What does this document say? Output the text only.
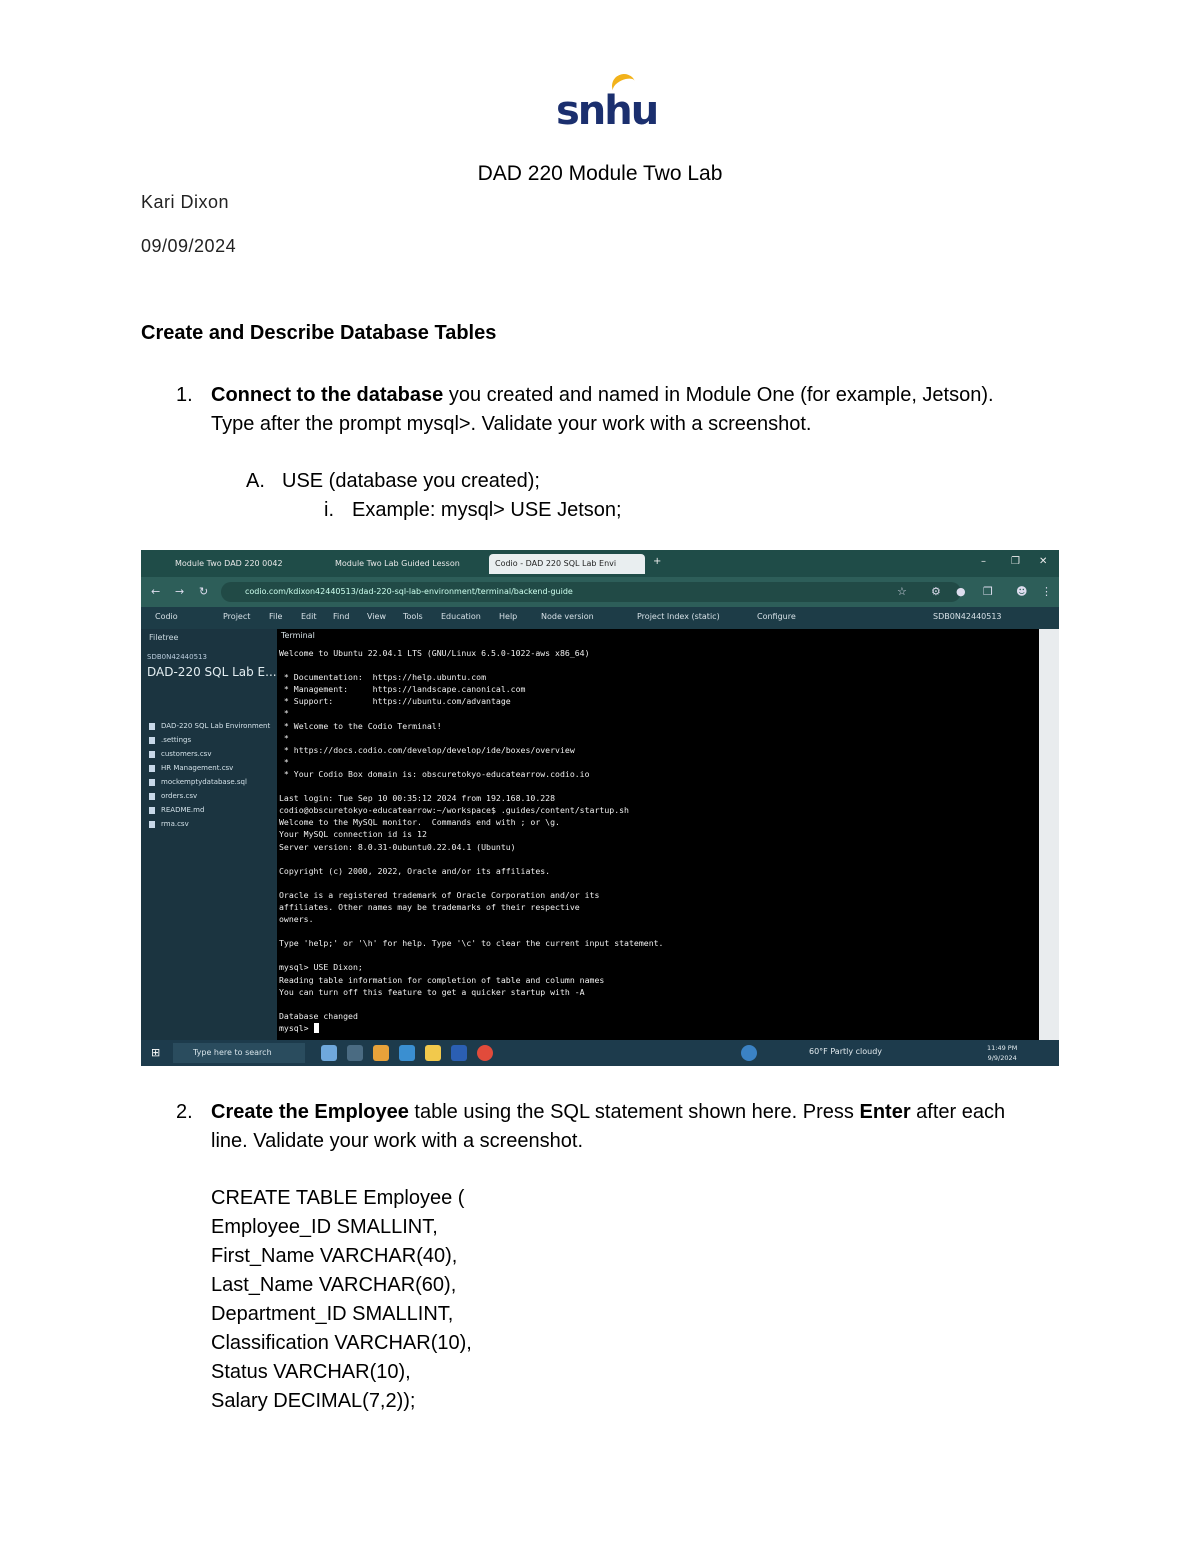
snhu
DAD 220 Module Two Lab
Kari Dixon
09/09/2024
Create and Describe Database Tables
1. Connect to the database you created and named in Module One (for example, Jetson).
Type after the prompt mysql>. Validate your work with a screenshot.
A. USE (database you created);
i. Example: mysql> USE Jetson;
Module Two DAD 220 0042	Module Two Lab Guided Lesson	Codio - DAD 220 SQL Lab Envi	+	–	❐ ✕
← → ↻	codio.com/kdixon42440513/dad-220-sql-lab-environment/terminal/backend-guide	☆ ⚙ ● ❒ ☻ ⋮
Codio	Project File Edit Find View Tools Education Help	Node version	Project Index (static)	Configure	SDB0N42440513
Filetree
SDB0N42440513
DAD-220 SQL Lab E...
DAD-220 SQL Lab Environment
.settings
customers.csv
HR Management.csv
mockemptydatabase.sql
orders.csv
README.md
rma.csv
Terminal
Welcome to Ubuntu 22.04.1 LTS (GNU/Linux 6.5.0-1022-aws x86_64)

* Documentation:  https://help.ubuntu.com
* Management:     https://landscape.canonical.com
* Support:        https://ubuntu.com/advantage
*
* Welcome to the Codio Terminal!
*
* https://docs.codio.com/develop/develop/ide/boxes/overview
*
* Your Codio Box domain is: obscuretokyo-educatearrow.codio.io

Last login: Tue Sep 10 00:35:12 2024 from 192.168.10.228
codio@obscuretokyo-educatearrow:~/workspace$ .guides/content/startup.sh
Welcome to the MySQL monitor.  Commands end with ; or \g.
Your MySQL connection id is 12
Server version: 8.0.31-0ubuntu0.22.04.1 (Ubuntu)

Copyright (c) 2000, 2022, Oracle and/or its affiliates.

Oracle is a registered trademark of Oracle Corporation and/or its
affiliates. Other names may be trademarks of their respective
owners.

Type 'help;' or '\h' for help. Type '\c' to clear the current input statement.

mysql> USE Dixon;
Reading table information for completion of table and column names
You can turn off this feature to get a quicker startup with -A

Database changed
mysql>
⊞	Type here to search	60°F Partly cloudy	11:49 PM
9/9/2024
2. Create the Employee table using the SQL statement shown here. Press Enter after each
line. Validate your work with a screenshot.
CREATE TABLE Employee (
Employee_ID SMALLINT,
First_Name VARCHAR(40),
Last_Name VARCHAR(60),
Department_ID SMALLINT,
Classification VARCHAR(10),
Status VARCHAR(10),
Salary DECIMAL(7,2));
